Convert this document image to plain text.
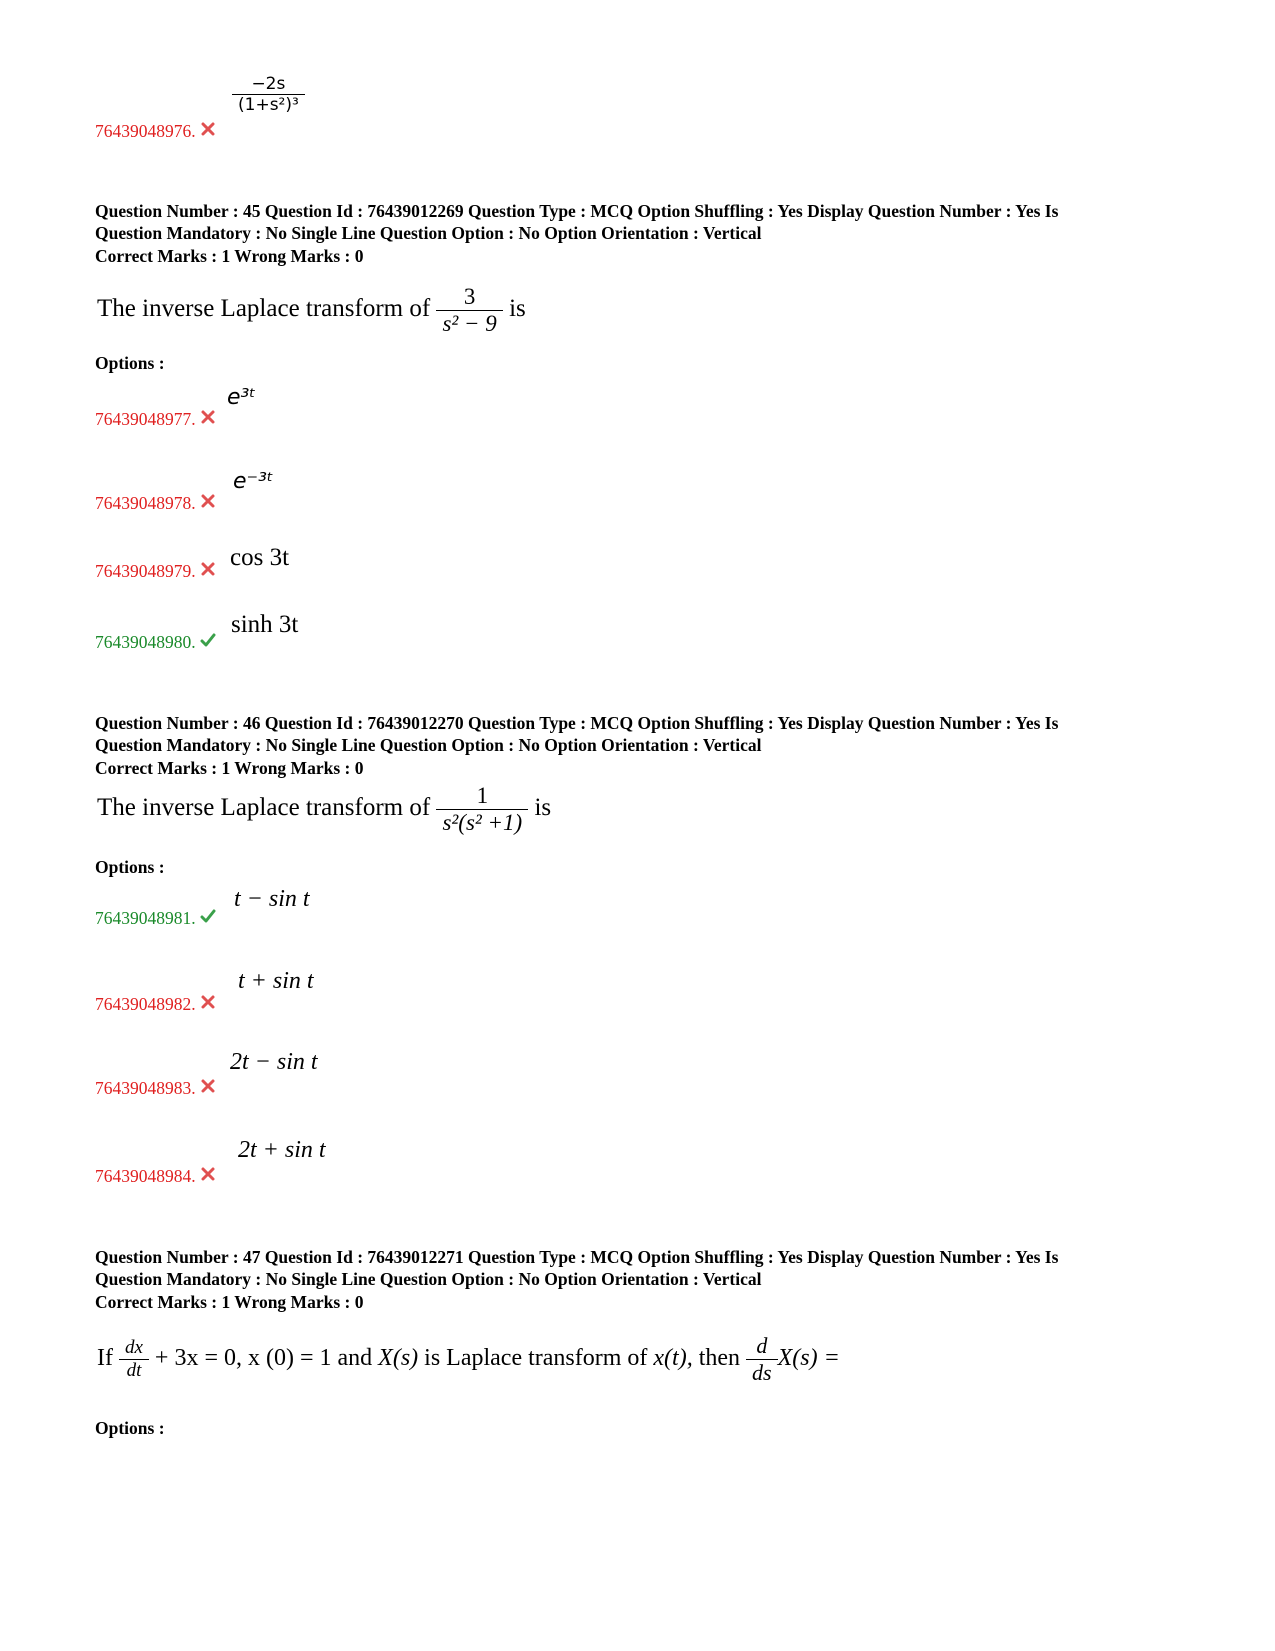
$\frac{-2s}{\text{(1+s²)³}}$
76439048976.
Question Number : 45 Question Id : 76439012269 Question Type : MCQ Option Shuffling : Yes Display Question Number : Yes Is
Question Mandatory : No Single Line Question Option : No Option Orientation : Vertical
Correct Marks : 1 Wrong Marks : 0
The inverse Laplace transform of $\frac{3}{\text{s² − 9}}$ is
Options :
e³ᵗ
76439048977.
e⁻³ᵗ
76439048978.
cos 3t
76439048979.
sinh 3t
76439048980.
Question Number : 46 Question Id : 76439012270 Question Type : MCQ Option Shuffling : Yes Display Question Number : Yes Is
Question Mandatory : No Single Line Question Option : No Option Orientation : Vertical
Correct Marks : 1 Wrong Marks : 0
The inverse Laplace transform of $\frac{1}{\text{s²(s² +1)}}$ is
Options :
t − sin t
76439048981.
t + sin t
76439048982.
2t − sin t
76439048983.
2t + sin t
76439048984.
Question Number : 47 Question Id : 76439012271 Question Type : MCQ Option Shuffling : Yes Display Question Number : Yes Is
Question Mandatory : No Single Line Question Option : No Option Orientation : Vertical
Correct Marks : 1 Wrong Marks : 0
If $\frac{dx}{dt} + 3x = 0$, x (0) = 1 and X(s) is Laplace transform of x(t), then $\frac{d}{ds} X(s)$ =
Options :
